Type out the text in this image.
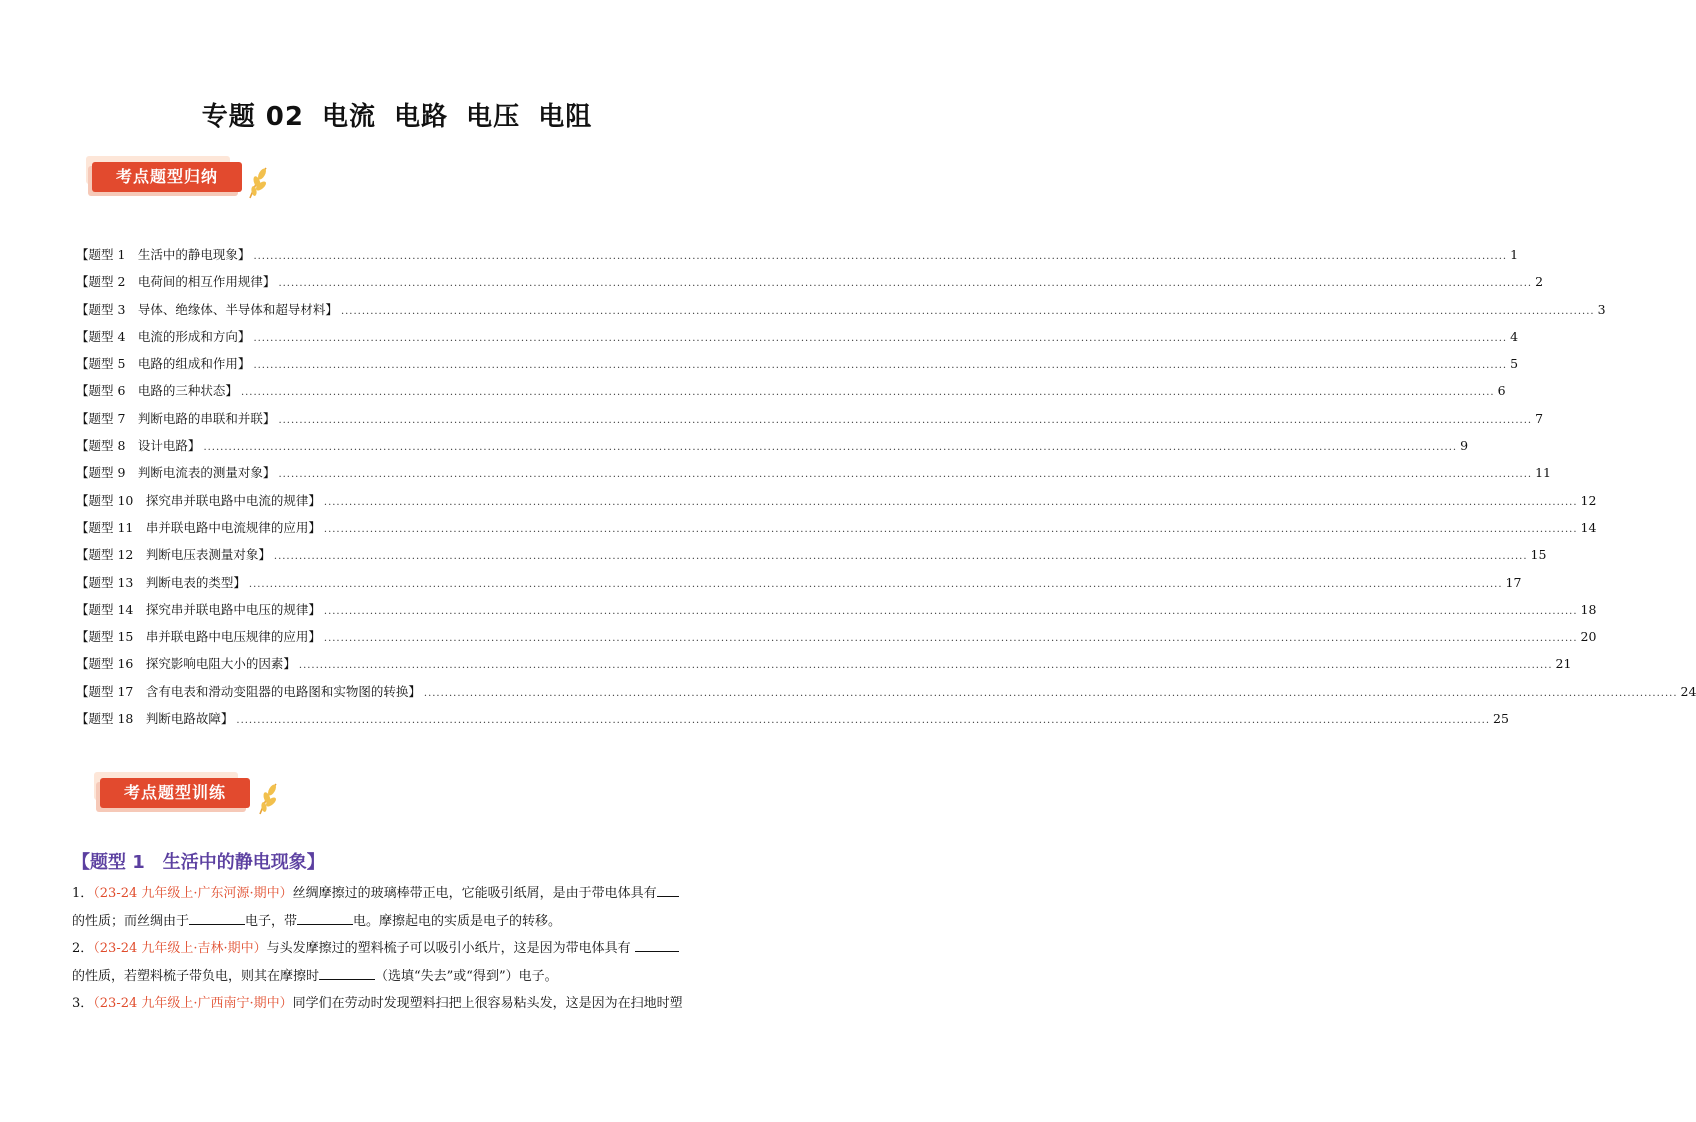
专题 02 电流 电路 电压 电阻
考点题型归纳
【题型 1　生活中的静电现象】 ............................................................................................................................................................................................................................................................................................................ 1
【题型 2　电荷间的相互作用规律】 ............................................................................................................................................................................................................................................................................................................ 2
【题型 3　导体、绝缘体、半导体和超导材料】 ............................................................................................................................................................................................................................................................................................................ 3
【题型 4　电流的形成和方向】 ............................................................................................................................................................................................................................................................................................................ 4
【题型 5　电路的组成和作用】 ............................................................................................................................................................................................................................................................................................................ 5
【题型 6　电路的三种状态】 ............................................................................................................................................................................................................................................................................................................ 6
【题型 7　判断电路的串联和并联】 ............................................................................................................................................................................................................................................................................................................ 7
【题型 8　设计电路】 ............................................................................................................................................................................................................................................................................................................ 9
【题型 9　判断电流表的测量对象】 ............................................................................................................................................................................................................................................................................................................ 11
【题型 10　探究串并联电路中电流的规律】 ............................................................................................................................................................................................................................................................................................................ 12
【题型 11　串并联电路中电流规律的应用】 ............................................................................................................................................................................................................................................................................................................ 14
【题型 12　判断电压表测量对象】 ............................................................................................................................................................................................................................................................................................................ 15
【题型 13　判断电表的类型】 ............................................................................................................................................................................................................................................................................................................ 17
【题型 14　探究串并联电路中电压的规律】 ............................................................................................................................................................................................................................................................................................................ 18
【题型 15　串并联电路中电压规律的应用】 ............................................................................................................................................................................................................................................................................................................ 20
【题型 16　探究影响电阻大小的因素】 ............................................................................................................................................................................................................................................................................................................ 21
【题型 17　含有电表和滑动变阻器的电路图和实物图的转换】 ............................................................................................................................................................................................................................................................................................................ 24
【题型 18　判断电路故障】 ............................................................................................................................................................................................................................................................................................................ 25
考点题型训练
【题型 1　生活中的静电现象】
1．（23-24 九年级上·广东河源·期中）丝绸摩擦过的玻璃棒带正电，它能吸引纸屑，是由于带电体具有
的性质；而丝绸由于	电子，带	电。摩擦起电的实质是电子的转移。
2．（23-24 九年级上·吉林·期中）与头发摩擦过的塑料梳子可以吸引小纸片，这是因为带电体具有
的性质，若塑料梳子带负电，则其在摩擦时	（选填“失去”或“得到”）电子。
3．（23-24 九年级上·广西南宁·期中）同学们在劳动时发现塑料扫把上很容易粘头发，这是因为在扫地时塑
